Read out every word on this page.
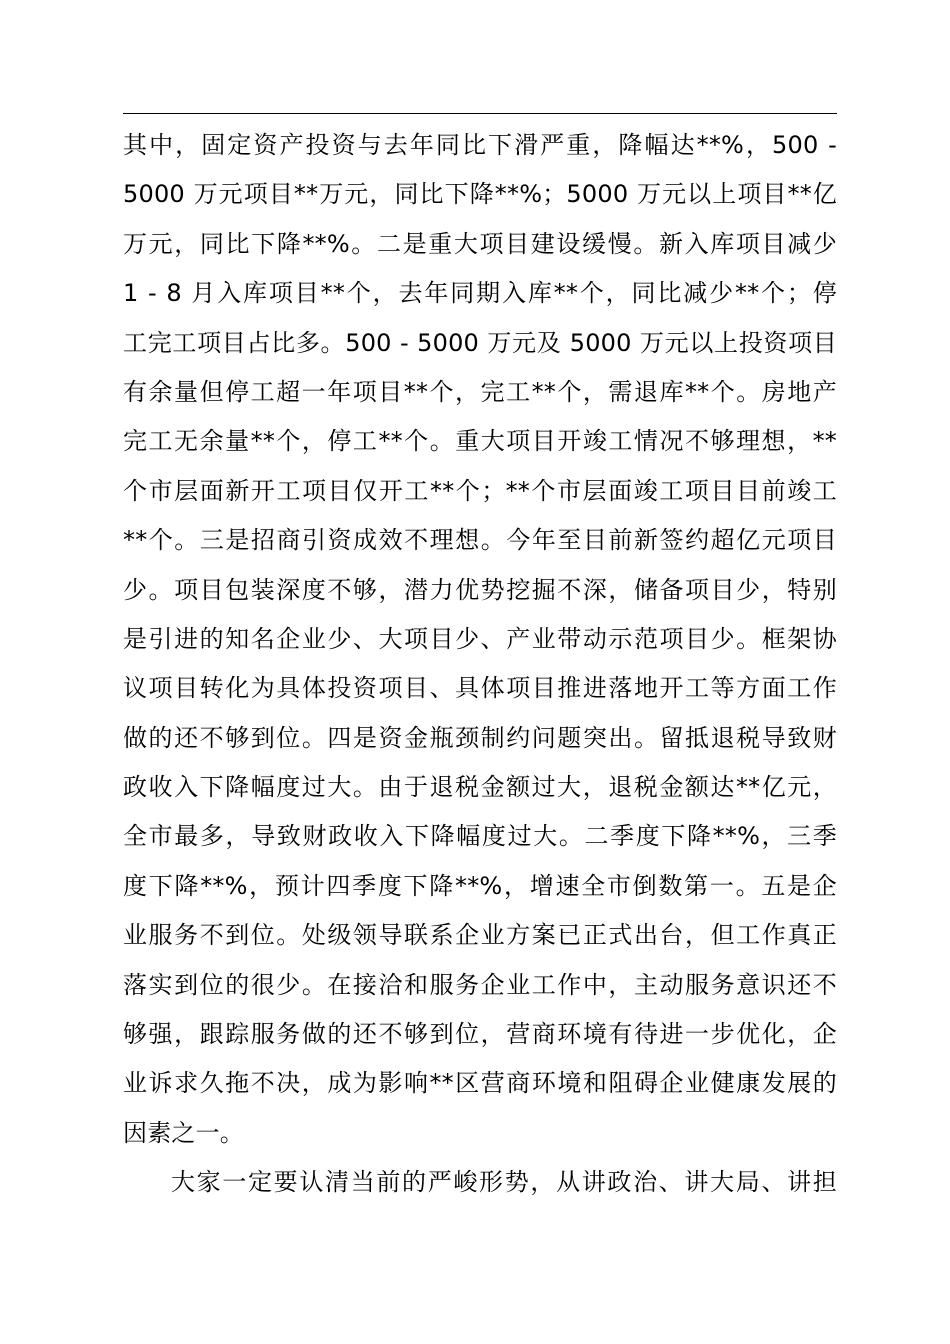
其中，固定资产投资与去年同比下滑严重，降幅达**%，500 -
5000 万元项目**万元，同比下降**%；5000 万元以上项目**亿
万元，同比下降**%。二是重大项目建设缓慢。新入库项目减少
1 - 8 月入库项目**个，去年同期入库**个，同比减少**个；停
工完工项目占比多。500 - 5000 万元及 5000 万元以上投资项目
有余量但停工超一年项目**个，完工**个，需退库**个。房地产
完工无余量**个，停工**个。重大项目开竣工情况不够理想，**
个市层面新开工项目仅开工**个；**个市层面竣工项目目前竣工
**个。三是招商引资成效不理想。今年至目前新签约超亿元项目
少。项目包装深度不够，潜力优势挖掘不深，储备项目少，特别
是引进的知名企业少、大项目少、产业带动示范项目少。框架协
议项目转化为具体投资项目、具体项目推进落地开工等方面工作
做的还不够到位。四是资金瓶颈制约问题突出。留抵退税导致财
政收入下降幅度过大。由于退税金额过大，退税金额达**亿元，
全市最多，导致财政收入下降幅度过大。二季度下降**%，三季
度下降**%，预计四季度下降**%，增速全市倒数第一。五是企
业服务不到位。处级领导联系企业方案已正式出台，但工作真正
落实到位的很少。在接洽和服务企业工作中，主动服务意识还不
够强，跟踪服务做的还不够到位，营商环境有待进一步优化，企
业诉求久拖不决，成为影响**区营商环境和阻碍企业健康发展的
因素之一。
大家一定要认清当前的严峻形势，从讲政治、讲大局、讲担
